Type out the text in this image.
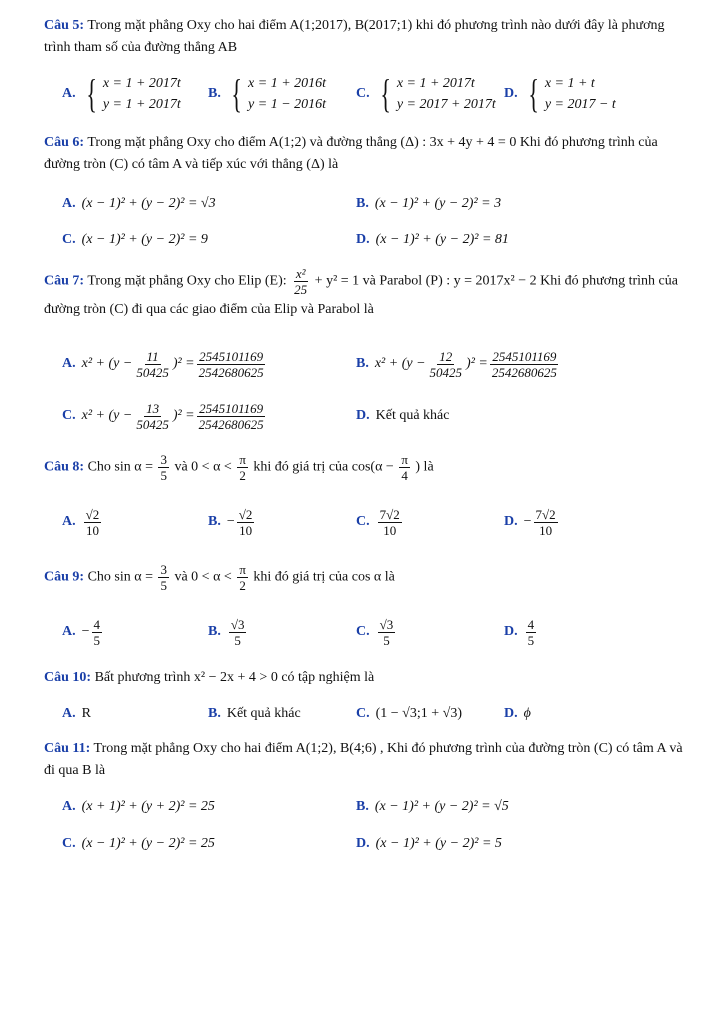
Câu 5: Trong mặt phẳng Oxy cho hai điểm A(1;2017), B(2017;1) khi đó phương trình nào dưới đây là phương trình tham số của đường thẳng AB
A. { x = 1 + 2017t
y = 1 + 2017t
B. { x = 1 + 2016t
y = 1 − 2016t
C. { x = 1 + 2017t
y = 2017 + 2017t
D. { x = 1 + t
y = 2017 − t
Câu 6: Trong mặt phẳng Oxy cho điểm A(1;2) và đường thẳng (Δ) : 3x + 4y + 4 = 0 Khi đó phương trình của đường tròn (C) có tâm A và tiếp xúc với thẳng (Δ) là
A. (x − 1)² + (y − 2)² = √3	B. (x − 1)² + (y − 2)² = 3
C. (x − 1)² + (y − 2)² = 9	D. (x − 1)² + (y − 2)² = 81
Câu 7: Trong mặt phẳng Oxy cho Elip (E): $\frac{\text{x²}}{25} + y^2 = 1$ và Parabol (P) : y = 2017x² − 2 Khi đó phương trình của đường tròn (C) đi qua các giao điểm của Elip và Parabol là
A. $x^2 + (y - \frac{11}{50425} )^2 = \frac{2545101169}{2542680625}$	B. $x^2 + (y - \frac{12}{50425} )^2 = \frac{2545101169}{2542680625}$
C. $x^2 + (y - \frac{13}{50425} )^2 = \frac{2545101169}{2542680625}$	D. Kết quả khác
Câu 8: Cho $\sin \alpha = \frac{3}{5}$ và $0 < \alpha < \frac{\pi}{2}$ khi đó giá trị của $\cos(\alpha - \frac{\pi}{4}$ ) là
A. $\frac{√2}{10}$	B. − $\frac{√2}{10}$	C. $\frac{7√2}{10}$	D. − $\frac{7√2}{10}$
Câu 9: Cho $\sin \alpha = \frac{3}{5}$ và $0 < \alpha < \frac{\pi}{2}$ khi đó giá trị của cos α là
A. − $\frac{4}{5}$	B. $\frac{√3}{5}$	C. $\frac{√3}{5}$	D. $\frac{4}{5}$
Câu 10: Bất phương trình x² − 2x + 4 > 0 có tập nghiệm là
A. R	B. Kết quả khác	C. (1 − √3;1 + √3)	D. ϕ
Câu 11: Trong mặt phẳng Oxy cho hai điểm A(1;2), B(4;6) , Khi đó phương trình của đường tròn (C) có tâm A và đi qua B là
A. (x + 1)² + (y + 2)² = 25	B. (x − 1)² + (y − 2)² = √5
C. (x − 1)² + (y − 2)² = 25	D. (x − 1)² + (y − 2)² = 5
